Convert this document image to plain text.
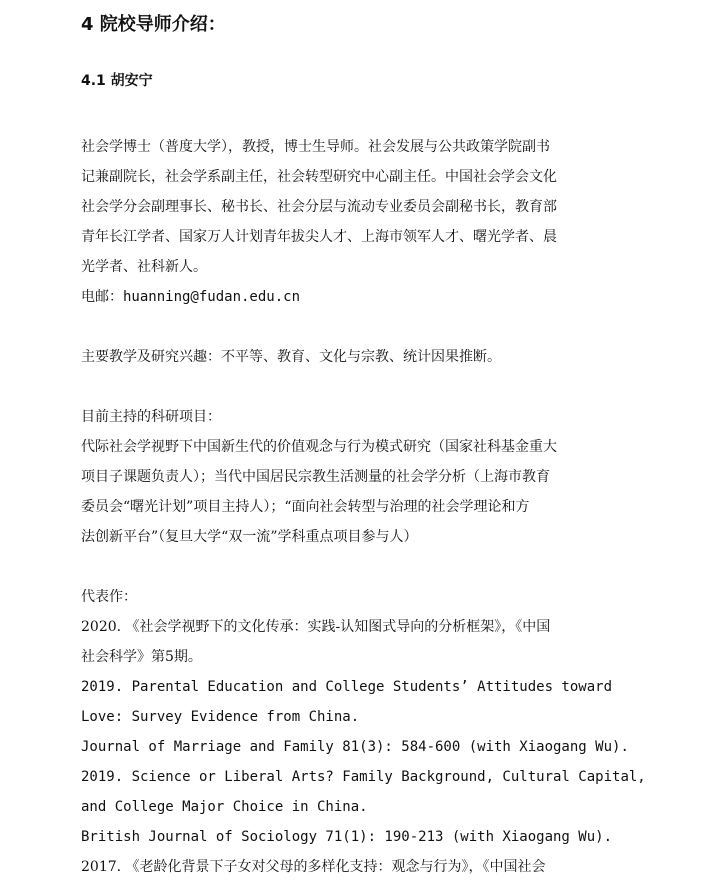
4 院校导师介绍：
4.1 胡安宁
社会学博士（普度大学），教授，博士生导师。社会发展与公共政策学院副书
记兼副院长，社会学系副主任，社会转型研究中心副主任。中国社会学会文化
社会学分会副理事长、秘书长、社会分层与流动专业委员会副秘书长，教育部
青年长江学者、国家万人计划青年拔尖人才、上海市领军人才、曙光学者、晨
光学者、社科新人。
电邮：huanning@fudan.edu.cn
主要教学及研究兴趣：不平等、教育、文化与宗教、统计因果推断。
目前主持的科研项目：
代际社会学视野下中国新生代的价值观念与行为模式研究（国家社科基金重大
项目子课题负责人）；当代中国居民宗教生活测量的社会学分析（上海市教育
委员会“曙光计划”项目主持人）；“面向社会转型与治理的社会学理论和方
法创新平台”（复旦大学“双一流”学科重点项目参与人）
代表作：
2020. 《社会学视野下的文化传承：实践-认知图式导向的分析框架》，《中国
社会科学》第5期。
2019. Parental Education and College Students’ Attitudes toward
Love: Survey Evidence from China.
Journal of Marriage and Family 81(3): 584-600 (with Xiaogang Wu).
2019. Science or Liberal Arts? Family Background, Cultural Capital,
and College Major Choice in China.
British Journal of Sociology 71(1): 190-213 (with Xiaogang Wu).
2017. 《老龄化背景下子女对父母的多样化支持：观念与行为》，《中国社会
